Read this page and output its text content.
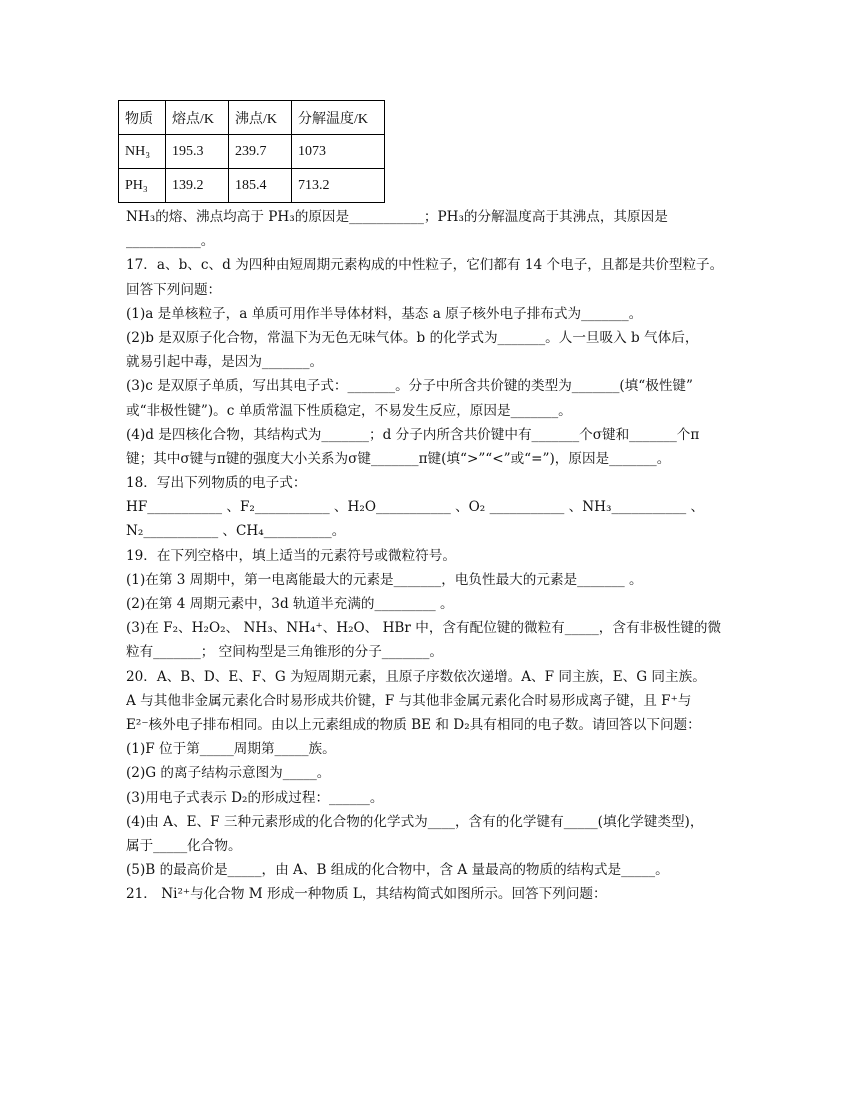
物质	熔点/K	沸点/K	分解温度/K
NH₃	195.3	239.7	1073
PH₃	139.2	185.4	713.2
NH₃的熔、沸点均高于 PH₃的原因是___________；PH₃的分解温度高于其沸点，其原因是
___________。
17．a、b、c、d 为四种由短周期元素构成的中性粒子，它们都有 14 个电子，且都是共价型粒子。
回答下列问题：
(1)a 是单核粒子，a 单质可用作半导体材料，基态 a 原子核外电子排布式为_______。
(2)b 是双原子化合物，常温下为无色无味气体。b 的化学式为_______。人一旦吸入 b 气体后，
就易引起中毒，是因为_______。
(3)c 是双原子单质，写出其电子式：_______。分子中所含共价键的类型为_______(填“极性键”
或“非极性键”)。c 单质常温下性质稳定，不易发生反应，原因是_______。
(4)d 是四核化合物，其结构式为_______；d 分子内所含共价键中有_______个σ键和_______个π
键；其中σ键与π键的强度大小关系为σ键_______π键(填“>”“<”或“=”)，原因是_______。
18．写出下列物质的电子式：
HF___________ 、F₂___________ 、H₂O___________ 、O₂ ___________ 、NH₃___________ 、
N₂___________ 、CH₄__________。
19．在下列空格中，填上适当的元素符号或微粒符号。
(1)在第 3 周期中，第一电离能最大的元素是_______，电负性最大的元素是_______ 。
(2)在第 4 周期元素中，3d 轨道半充满的_________ 。
(3)在 F₂、H₂O₂、 NH₃、NH₄⁺、H₂O、 HBr 中，含有配位键的微粒有_____，含有非极性键的微
粒有_______； 空间构型是三角锥形的分子_______。
20．A、B、D、E、F、G 为短周期元素，且原子序数依次递增。A、F 同主族，E、G 同主族。
A 与其他非金属元素化合时易形成共价键，F 与其他非金属元素化合时易形成离子键，且 F⁺与
E²⁻核外电子排布相同。由以上元素组成的物质 BE 和 D₂具有相同的电子数。请回答以下问题：
(1)F 位于第_____周期第_____族。
(2)G 的离子结构示意图为_____。
(3)用电子式表示 D₂的形成过程：______。
(4)由 A、E、F 三种元素形成的化合物的化学式为____，含有的化学键有_____(填化学键类型)，
属于_____化合物。
(5)B 的最高价是_____，由 A、B 组成的化合物中，含 A 量最高的物质的结构式是_____。
21． Ni²⁺与化合物 M 形成一种物质 L，其结构简式如图所示。回答下列问题：
